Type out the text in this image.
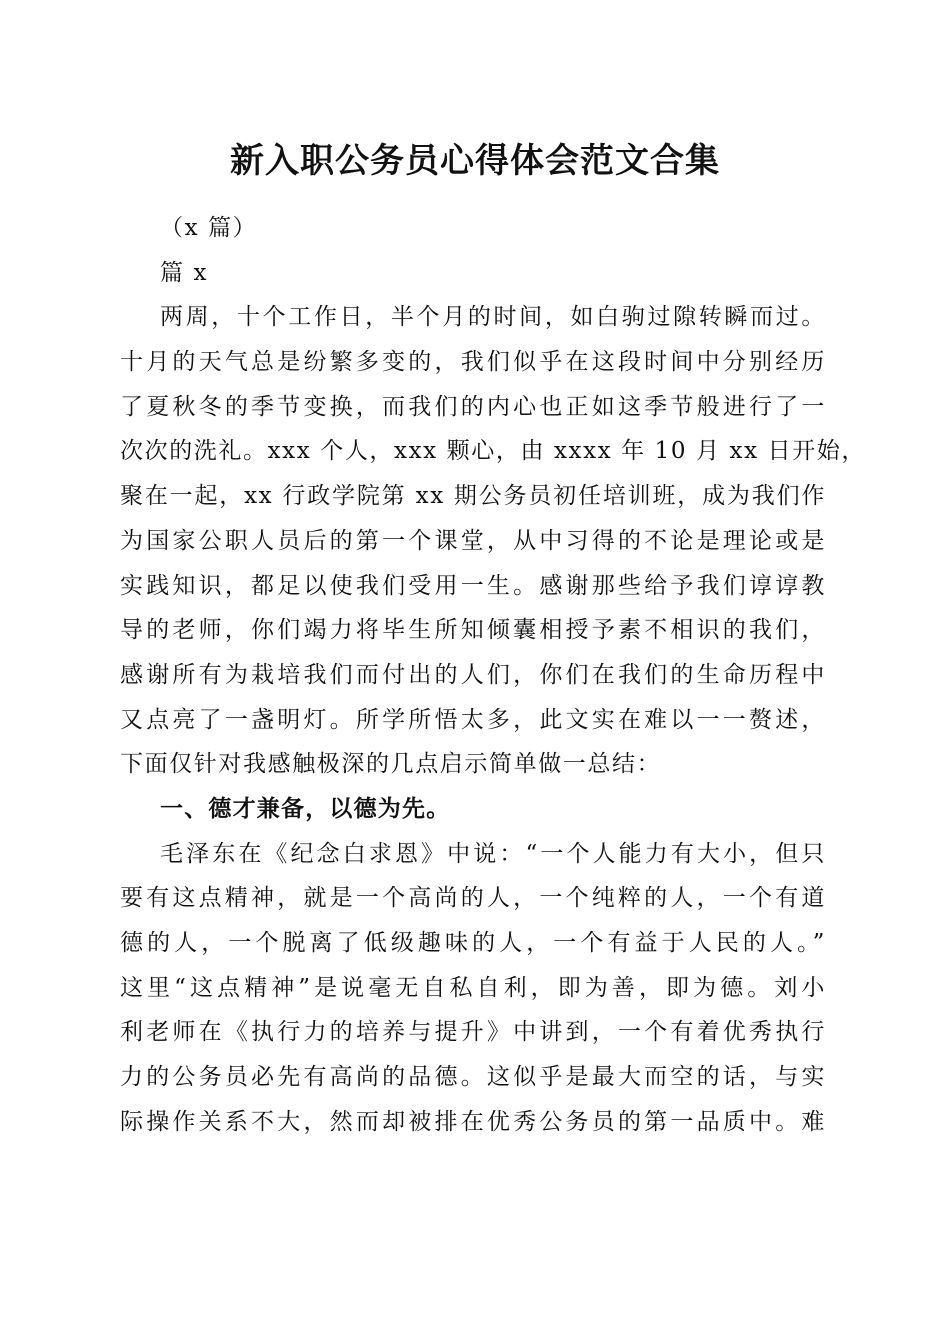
新入职公务员心得体会范文合集
（x 篇）
篇 x
两周，十个工作日，半个月的时间，如白驹过隙转瞬而过。
十月的天气总是纷繁多变的，我们似乎在这段时间中分别经历
了夏秋冬的季节变换，而我们的内心也正如这季节般进行了一
次次的洗礼。xxx 个人，xxx 颗心，由 xxxx 年 10 月 xx 日开始，
聚在一起，xx 行政学院第 xx 期公务员初任培训班，成为我们作
为国家公职人员后的第一个课堂，从中习得的不论是理论或是
实践知识，都足以使我们受用一生。感谢那些给予我们谆谆教
导的老师，你们竭力将毕生所知倾囊相授予素不相识的我们，
感谢所有为栽培我们而付出的人们，你们在我们的生命历程中
又点亮了一盏明灯。所学所悟太多，此文实在难以一一赘述，
下面仅针对我感触极深的几点启示简单做一总结：
一、德才兼备，以德为先。
毛泽东在《纪念白求恩》中说：“一个人能力有大小，但只
要有这点精神，就是一个高尚的人，一个纯粹的人，一个有道
德的人，一个脱离了低级趣味的人，一个有益于人民的人。”
这里“这点精神”是说毫无自私自利，即为善，即为德。刘小
利老师在《执行力的培养与提升》中讲到，一个有着优秀执行
力的公务员必先有高尚的品德。这似乎是最大而空的话，与实
际操作关系不大，然而却被排在优秀公务员的第一品质中。难
